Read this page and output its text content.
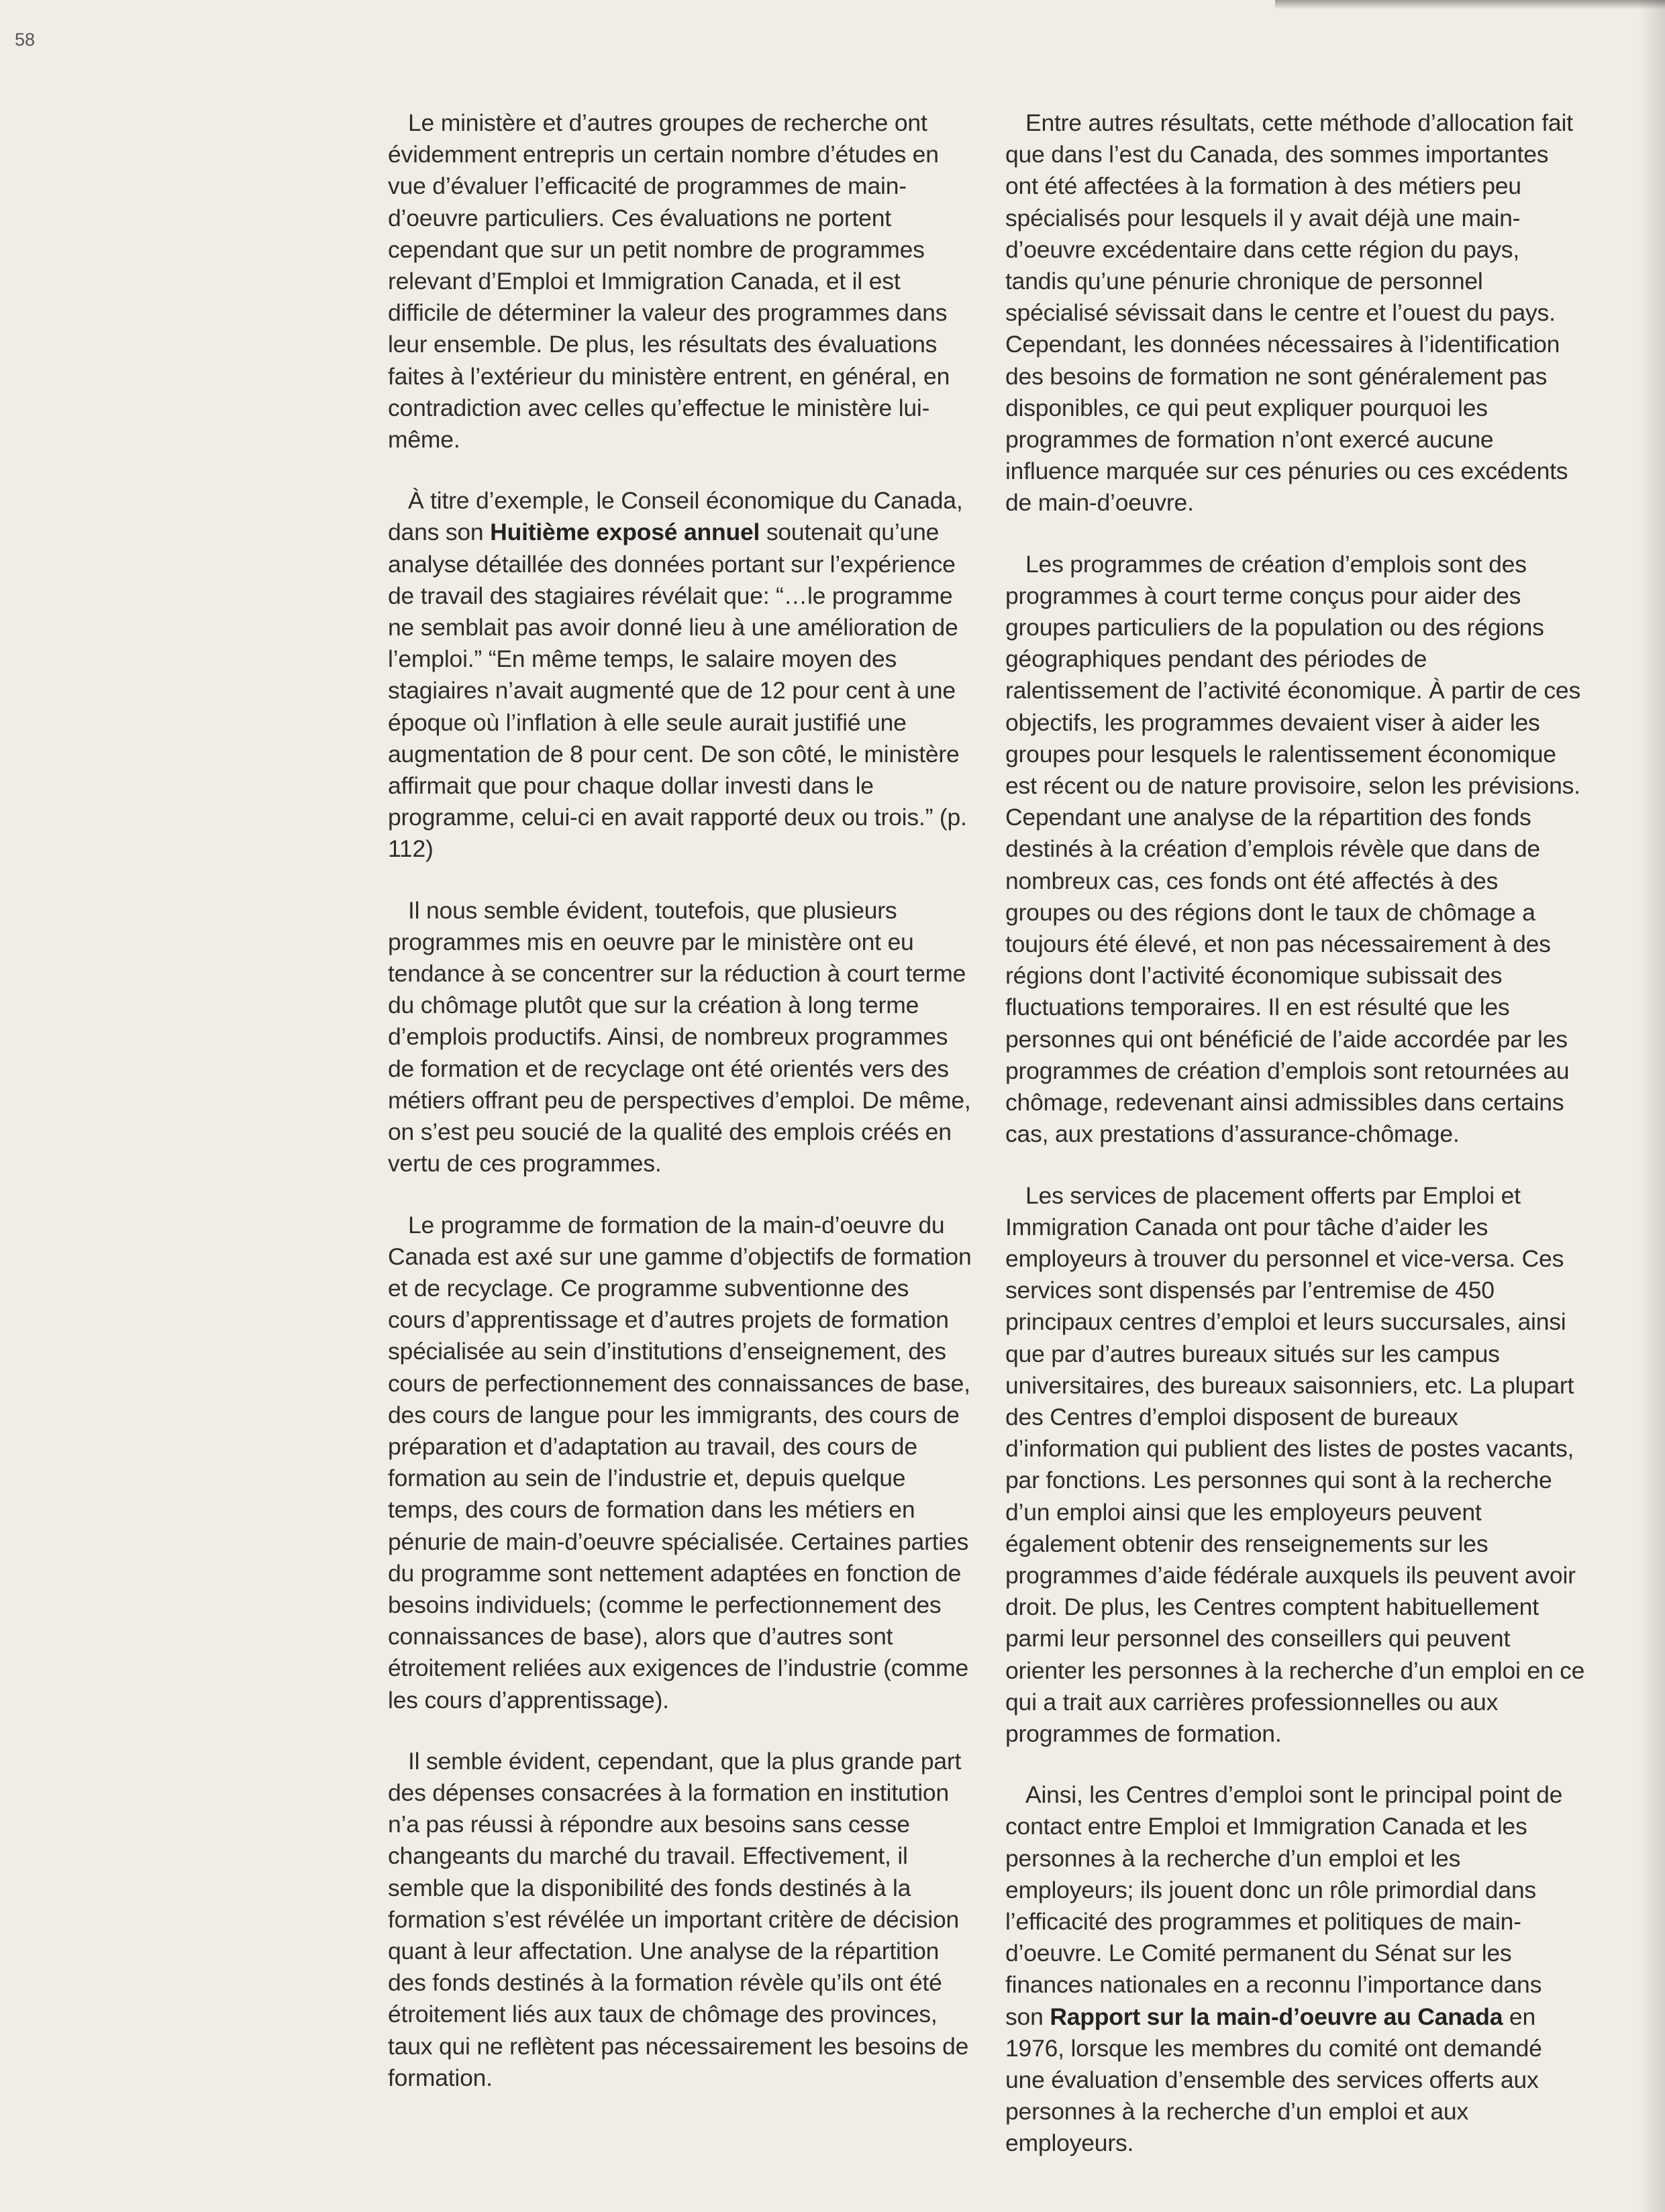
58

Le ministère et d’autres groupes de recherche ont évidemment entrepris un certain nombre d’études en vue d’évaluer l’efficacité de programmes de main-d’oeuvre particuliers. Ces évaluations ne portent cependant que sur un petit nombre de programmes relevant d’Emploi et Immigration Canada, et il est difficile de déterminer la valeur des programmes dans leur ensemble. De plus, les résultats des évaluations faites à l’extérieur du ministère entrent, en général, en contradiction avec celles qu’effectue le ministère lui-même.

À titre d’exemple, le Conseil économique du Canada, dans son Huitième exposé annuel soutenait qu’une analyse détaillée des données portant sur l’expérience de travail des stagiaires révélait que: “…le programme ne semblait pas avoir donné lieu à une amélioration de l’emploi.” “En même temps, le salaire moyen des stagiaires n’avait augmenté que de 12 pour cent à une époque où l’inflation à elle seule aurait justifié une augmentation de 8 pour cent. De son côté, le ministère affirmait que pour chaque dollar investi dans le programme, celui-ci en avait rapporté deux ou trois.” (p. 112)

Il nous semble évident, toutefois, que plusieurs programmes mis en oeuvre par le ministère ont eu tendance à se concentrer sur la réduction à court terme du chômage plutôt que sur la création à long terme d’emplois productifs. Ainsi, de nombreux programmes de formation et de recyclage ont été orientés vers des métiers offrant peu de perspectives d’emploi. De même, on s’est peu soucié de la qualité des emplois créés en vertu de ces programmes.

Le programme de formation de la main-d’oeuvre du Canada est axé sur une gamme d’objectifs de formation et de recyclage. Ce programme subventionne des cours d’apprentissage et d’autres projets de formation spécialisée au sein d’institutions d’enseignement, des cours de perfectionnement des connaissances de base, des cours de langue pour les immigrants, des cours de préparation et d’adaptation au travail, des cours de formation au sein de l’industrie et, depuis quelque temps, des cours de formation dans les métiers en pénurie de main-d’oeuvre spécialisée. Certaines parties du programme sont nettement adaptées en fonction de besoins individuels; (comme le perfectionnement des connaissances de base), alors que d’autres sont étroitement reliées aux exigences de l’industrie (comme les cours d’apprentissage).

Il semble évident, cependant, que la plus grande part des dépenses consacrées à la formation en institution n’a pas réussi à répondre aux besoins sans cesse changeants du marché du travail. Effectivement, il semble que la disponibilité des fonds destinés à la formation s’est révélée un important critère de décision quant à leur affectation. Une analyse de la répartition des fonds destinés à la formation révèle qu’ils ont été étroitement liés aux taux de chômage des provinces, taux qui ne reflètent pas nécessairement les besoins de formation.

Entre autres résultats, cette méthode d’allocation fait que dans l’est du Canada, des sommes importantes ont été affectées à la formation à des métiers peu spécialisés pour lesquels il y avait déjà une main-d’oeuvre excédentaire dans cette région du pays, tandis qu’une pénurie chronique de personnel spécialisé sévissait dans le centre et l’ouest du pays. Cependant, les données nécessaires à l’identification des besoins de formation ne sont généralement pas disponibles, ce qui peut expliquer pourquoi les programmes de formation n’ont exercé aucune influence marquée sur ces pénuries ou ces excédents de main-d’oeuvre.

Les programmes de création d’emplois sont des programmes à court terme conçus pour aider des groupes particuliers de la population ou des régions géographiques pendant des périodes de ralentissement de l’activité économique. À partir de ces objectifs, les programmes devaient viser à aider les groupes pour lesquels le ralentissement économique est récent ou de nature provisoire, selon les prévisions. Cependant une analyse de la répartition des fonds destinés à la création d’emplois révèle que dans de nombreux cas, ces fonds ont été affectés à des groupes ou des régions dont le taux de chômage a toujours été élevé, et non pas nécessairement à des régions dont l’activité économique subissait des fluctuations temporaires. Il en est résulté que les personnes qui ont bénéficié de l’aide accordée par les programmes de création d’emplois sont retournées au chômage, redevenant ainsi admissibles dans certains cas, aux prestations d’assurance-chômage.

Les services de placement offerts par Emploi et Immigration Canada ont pour tâche d’aider les employeurs à trouver du personnel et vice-versa. Ces services sont dispensés par l’entremise de 450 principaux centres d’emploi et leurs succursales, ainsi que par d’autres bureaux situés sur les campus universitaires, des bureaux saisonniers, etc. La plupart des Centres d’emploi disposent de bureaux d’information qui publient des listes de postes vacants, par fonctions. Les personnes qui sont à la recherche d’un emploi ainsi que les employeurs peuvent également obtenir des renseignements sur les programmes d’aide fédérale auxquels ils peuvent avoir droit. De plus, les Centres comptent habituellement parmi leur personnel des conseillers qui peuvent orienter les personnes à la recherche d’un emploi en ce qui a trait aux carrières professionnelles ou aux programmes de formation.

Ainsi, les Centres d’emploi sont le principal point de contact entre Emploi et Immigration Canada et les personnes à la recherche d’un emploi et les employeurs; ils jouent donc un rôle primordial dans l’efficacité des programmes et politiques de main-d’oeuvre. Le Comité permanent du Sénat sur les finances nationales en a reconnu l’importance dans son Rapport sur la main-d’oeuvre au Canada en 1976, lorsque les membres du comité ont demandé une évaluation d’ensemble des services offerts aux personnes à la recherche d’un emploi et aux employeurs.
